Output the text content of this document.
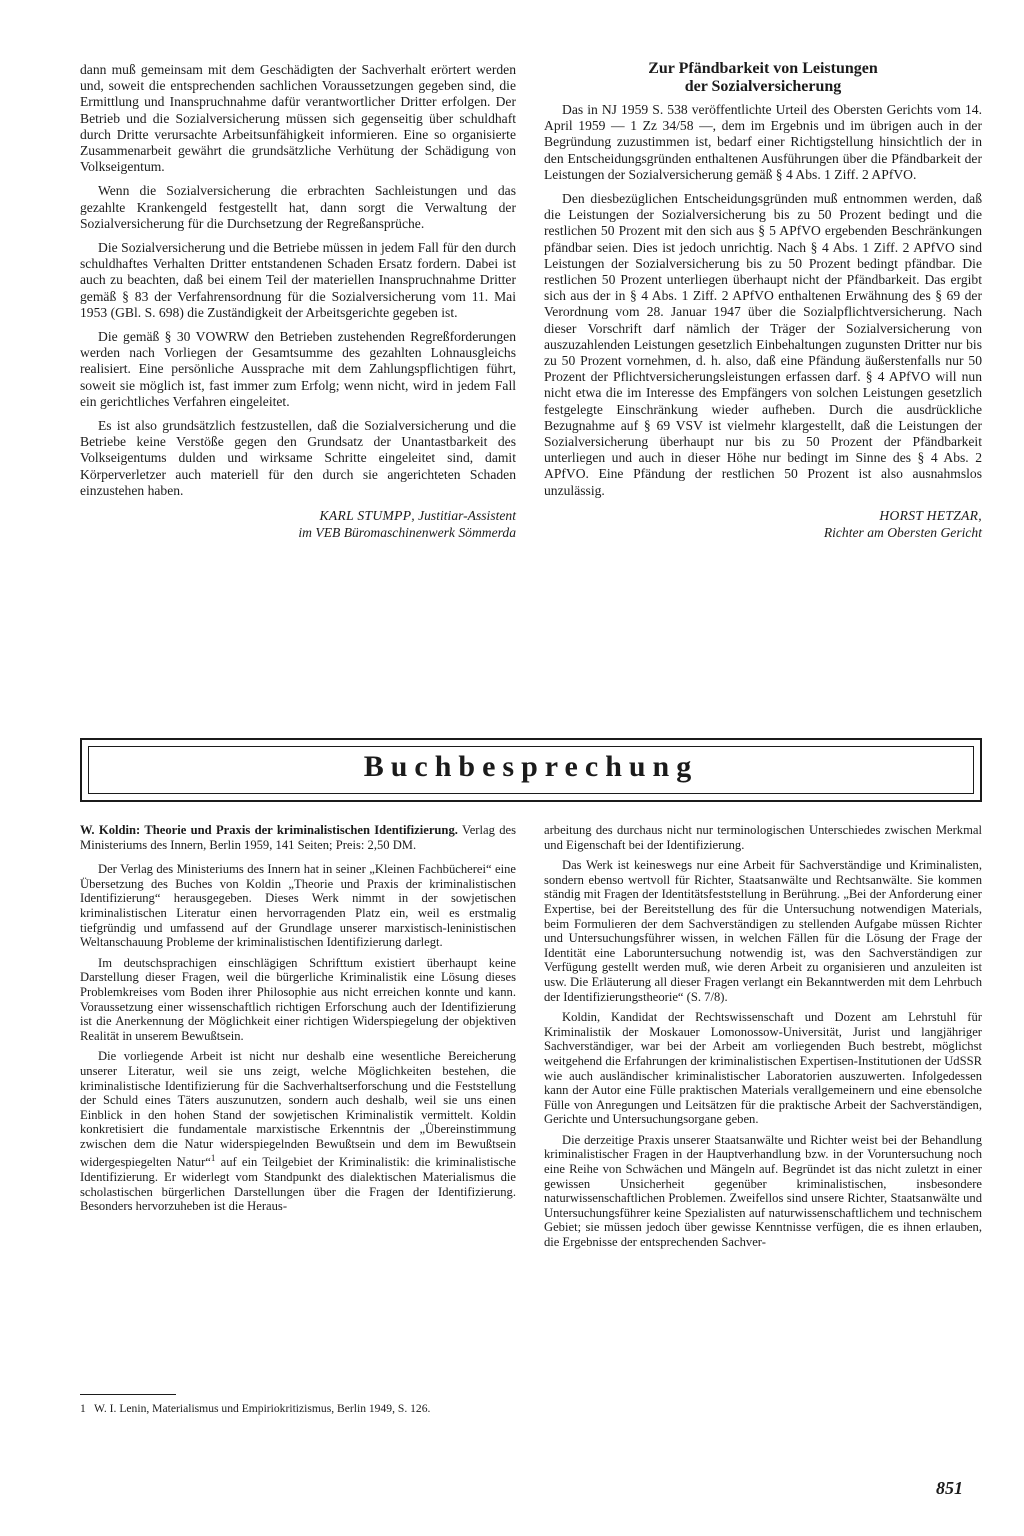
dann muß gemeinsam mit dem Geschädigten der Sachverhalt erörtert werden und, soweit die entsprechenden sachlichen Voraussetzungen gegeben sind, die Ermittlung und Inanspruchnahme dafür verantwortlicher Dritter erfolgen. Der Betrieb und die Sozialversicherung müssen sich gegenseitig über schuldhaft durch Dritte verursachte Arbeitsunfähigkeit informieren. Eine so organisierte Zusammenarbeit gewährt die grundsätzliche Verhütung der Schädigung von Volkseigentum.

Wenn die Sozialversicherung die erbrachten Sachleistungen und das gezahlte Krankengeld festgestellt hat, dann sorgt die Verwaltung der Sozialversicherung für die Durchsetzung der Regreßansprüche.

Die Sozialversicherung und die Betriebe müssen in jedem Fall für den durch schuldhaftes Verhalten Dritter entstandenen Schaden Ersatz fordern. Dabei ist auch zu beachten, daß bei einem Teil der materiellen Inanspruchnahme Dritter gemäß § 83 der Verfahrensordnung für die Sozialversicherung vom 11. Mai 1953 (GBl. S. 698) die Zuständigkeit der Arbeitsgerichte gegeben ist.

Die gemäß § 30 VOWRW den Betrieben zustehenden Regreßforderungen werden nach Vorliegen der Gesamtsumme des gezahlten Lohnausgleichs realisiert. Eine persönliche Aussprache mit dem Zahlungspflichtigen führt, soweit sie möglich ist, fast immer zum Erfolg; wenn nicht, wird in jedem Fall ein gerichtliches Verfahren eingeleitet.

Es ist also grundsätzlich festzustellen, daß die Sozialversicherung und die Betriebe keine Verstöße gegen den Grundsatz der Unantastbarkeit des Volkseigentums dulden und wirksame Schritte eingeleitet sind, damit Körperverletzer auch materiell für den durch sie angerichteten Schaden einzustehen haben.

KARL STUMPP, Justitiar-Assistent
im VEB Büromaschinenwerk Sömmerda
Zur Pfändbarkeit von Leistungen
der Sozialversicherung

Das in NJ 1959 S. 538 veröffentlichte Urteil des Obersten Gerichts vom 14. April 1959 — 1 Zz 34/58 —, dem im Ergebnis und im übrigen auch in der Begründung zuzustimmen ist, bedarf einer Richtigstellung hinsichtlich der in den Entscheidungsgründen enthaltenen Ausführungen über die Pfändbarkeit der Leistungen der Sozialversicherung gemäß § 4 Abs. 1 Ziff. 2 APfVO.

Den diesbezüglichen Entscheidungsgründen muß entnommen werden, daß die Leistungen der Sozialversicherung bis zu 50 Prozent bedingt und die restlichen 50 Prozent mit den sich aus § 5 APfVO ergebenden Beschränkungen pfändbar seien. Dies ist jedoch unrichtig. Nach § 4 Abs. 1 Ziff. 2 APfVO sind Leistungen der Sozialversicherung bis zu 50 Prozent bedingt pfändbar. Die restlichen 50 Prozent unterliegen überhaupt nicht der Pfändbarkeit. Das ergibt sich aus der in § 4 Abs. 1 Ziff. 2 APfVO enthaltenen Erwähnung des § 69 der Verordnung vom 28. Januar 1947 über die Sozialpflichtversicherung. Nach dieser Vorschrift darf nämlich der Träger der Sozialversicherung von auszuzahlenden Leistungen gesetzlich Einbehaltungen zugunsten Dritter nur bis zu 50 Prozent vornehmen, d. h. also, daß eine Pfändung äußerstenfalls nur 50 Prozent der Pflichtversicherungsleistungen erfassen darf. § 4 APfVO will nun nicht etwa die im Interesse des Empfängers von solchen Leistungen gesetzlich festgelegte Einschränkung wieder aufheben. Durch die ausdrückliche Bezugnahme auf § 69 VSV ist vielmehr klargestellt, daß die Leistungen der Sozialversicherung überhaupt nur bis zu 50 Prozent der Pfändbarkeit unterliegen und auch in dieser Höhe nur bedingt im Sinne des § 4 Abs. 2 APfVO. Eine Pfändung der restlichen 50 Prozent ist also ausnahmslos unzulässig.

HORST HETZAR,
Richter am Obersten Gericht
Buchbesprechung

W. Koldin: Theorie und Praxis der kriminalistischen Identifizierung. Verlag des Ministeriums des Innern, Berlin 1959, 141 Seiten; Preis: 2,50 DM.

Der Verlag des Ministeriums des Innern hat in seiner „Kleinen Fachbücherei“ eine Übersetzung des Buches von Koldin „Theorie und Praxis der kriminalistischen Identifizierung“ herausgegeben. Dieses Werk nimmt in der sowjetischen kriminalistischen Literatur einen hervorragenden Platz ein, weil es erstmalig tiefgründig und umfassend auf der Grundlage unserer marxistisch-leninistischen Weltanschauung Probleme der kriminalistischen Identifizierung darlegt.

Im deutschsprachigen einschlägigen Schrifttum existiert überhaupt keine Darstellung dieser Fragen, weil die bürgerliche Kriminalistik eine Lösung dieses Problemkreises vom Boden ihrer Philosophie aus nicht erreichen konnte und kann. Voraussetzung einer wissenschaftlich richtigen Erforschung auch der Identifizierung ist die Anerkennung der Möglichkeit einer richtigen Widerspiegelung der objektiven Realität in unserem Bewußtsein.

Die vorliegende Arbeit ist nicht nur deshalb eine wesentliche Bereicherung unserer Literatur, weil sie uns zeigt, welche Möglichkeiten bestehen, die kriminalistische Identifizierung für die Sachverhaltserforschung und die Feststellung der Schuld eines Täters auszunutzen, sondern auch deshalb, weil sie uns einen Einblick in den hohen Stand der sowjetischen Kriminalistik vermittelt. Koldin konkretisiert die fundamentale marxistische Erkenntnis der „Übereinstimmung zwischen dem die Natur widerspiegelnden Bewußtsein und dem im Bewußtsein widergespiegelten Natur“$^1$ auf ein Teilgebiet der Kriminalistik: die kriminalistische Identifizierung. Er widerlegt vom Standpunkt des dialektischen Materialismus die scholastischen bürgerlichen Darstellungen über die Fragen der Identifizierung. Besonders hervorzuheben ist die Heraus-

arbeitung des durchaus nicht nur terminologischen Unterschiedes zwischen Merkmal und Eigenschaft bei der Identifizierung.

Das Werk ist keineswegs nur eine Arbeit für Sachverständige und Kriminalisten, sondern ebenso wertvoll für Richter, Staatsanwälte und Rechtsanwälte. Sie kommen ständig mit Fragen der Identitätsfeststellung in Berührung. „Bei der Anforderung einer Expertise, bei der Bereitstellung des für die Untersuchung notwendigen Materials, beim Formulieren der dem Sachverständigen zu stellenden Aufgabe müssen Richter und Untersuchungsführer wissen, in welchen Fällen für die Lösung der Frage der Identität eine Laboruntersuchung notwendig ist, was den Sachverständigen zur Verfügung gestellt werden muß, wie deren Arbeit zu organisieren und anzuleiten ist usw. Die Erläuterung all dieser Fragen verlangt ein Bekanntwerden mit dem Lehrbuch der Identifizierungstheorie“ (S. 7/8).

Koldin, Kandidat der Rechtswissenschaft und Dozent am Lehrstuhl für Kriminalistik der Moskauer Lomonossow-Universität, Jurist und langjähriger Sachverständiger, war bei der Arbeit am vorliegenden Buch bestrebt, möglichst weitgehend die Erfahrungen der kriminalistischen Expertisen-Institutionen der UdSSR wie auch ausländischer kriminalistischer Laboratorien auszuwerten. Infolgedessen kann der Autor eine Fülle praktischen Materials verallgemeinern und eine ebensolche Fülle von Anregungen und Leitsätzen für die praktische Arbeit der Sachverständigen, Gerichte und Untersuchungsorgane geben.

Die derzeitige Praxis unserer Staatsanwälte und Richter weist bei der Behandlung kriminalistischer Fragen in der Hauptverhandlung bzw. in der Voruntersuchung noch eine Reihe von Schwächen und Mängeln auf. Begründet ist das nicht zuletzt in einer gewissen Unsicherheit gegenüber kriminalistischen, insbesondere naturwissenschaftlichen Problemen. Zweifellos sind unsere Richter, Staatsanwälte und Untersuchungsführer keine Spezialisten auf naturwissenschaftlichem und technischem Gebiet; sie müssen jedoch über gewisse Kenntnisse verfügen, die es ihnen erlauben, die Ergebnisse der entsprechenden Sachver-

1 W. I. Lenin, Materialismus und Empiriokritizismus, Berlin 1949, S. 126.
851
